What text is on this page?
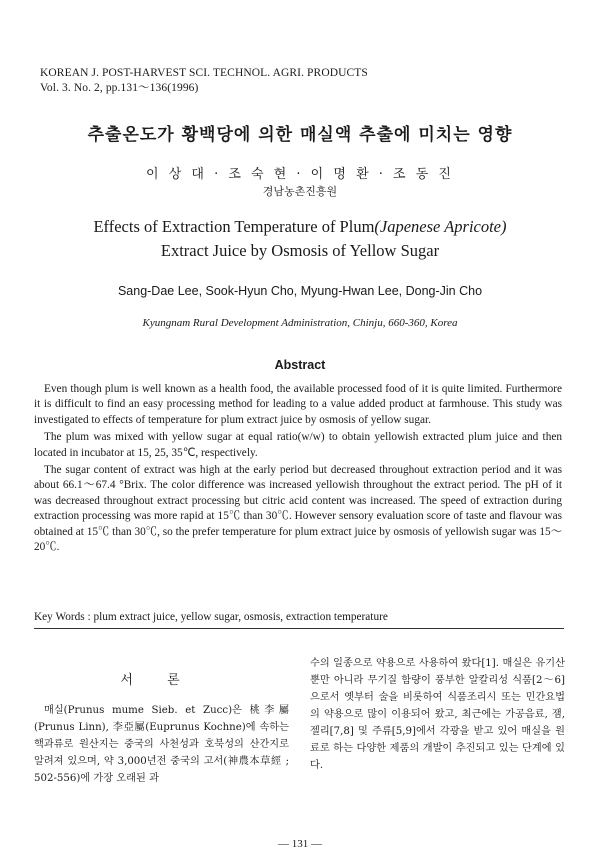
KOREAN J. POST-HARVEST SCI. TECHNOL. AGRI. PRODUCTS
Vol. 3. No. 2, pp.131～136(1996)
추출온도가 황백당에 의한 매실액 추출에 미치는 영향
이 상 대 · 조 숙 현 · 이 명 환 · 조 동 진
경남농촌진흥원
Effects of Extraction Temperature of Plum(Japenese Apricote)
Extract Juice by Osmosis of Yellow Sugar
Sang-Dae Lee, Sook-Hyun Cho, Myung-Hwan Lee, Dong-Jin Cho
Kyungnam Rural Development Administration, Chinju, 660-360, Korea
Abstract

Even though plum is well known as a health food, the available processed food of it is quite limited. Furthermore it is difficult to find an easy processing method for leading to a value added product at farmhouse. This study was investigated to effects of temperature for plum extract juice by osmosis of yellow sugar.

The plum was mixed with yellow sugar at equal ratio(w/w) to obtain yellowish extracted plum juice and then located in incubator at 15, 25, 35℃, respectively.

The sugar content of extract was high at the early period but decreased throughout extraction period and it was about 66.1～67.4 °Brix. The color difference was increased yellowish throughout the extract period. The pH of it was decreased throughout extract processing but citric acid content was increased. The speed of extraction during extraction processing was more rapid at 15℃ than 30℃. However sensory evaluation score of taste and flavour was obtained at 15℃ than 30℃, so the prefer temperature for plum extract juice by osmosis of yellowish sugar was 15～20℃.

Key Words : plum extract juice, yellow sugar, osmosis, extraction temperature
서 론

매실(Prunus mume Sieb. et Zucc)은 桃李屬(Prunus Linn), 李亞屬(Euprunus Kochne)에 속하는 핵과류로 원산지는 중국의 사천성과 호북성의 산간지로 알려져 있으며, 약 3,000년전 중국의 고서(神農本草經 ; 502-556)에 가장 오래된 과

수의 일종으로 약용으로 사용하여 왔다[1]. 매실은 유기산 뿐만 아니라 무기질 함량이 풍부한 알칼리성 식품[2～6]으로서 옛부터 술을 비롯하여 식품조리시 또는 민간요법의 약용으로 많이 이용되어 왔고, 최근에는 가공음료, 잼, 젤리[7,8] 및 주류[5,9]에서 각광을 받고 있어 매실을 원료로 하는 다양한 제품의 개발이 추진되고 있는 단계에 있다.

— 131 —
